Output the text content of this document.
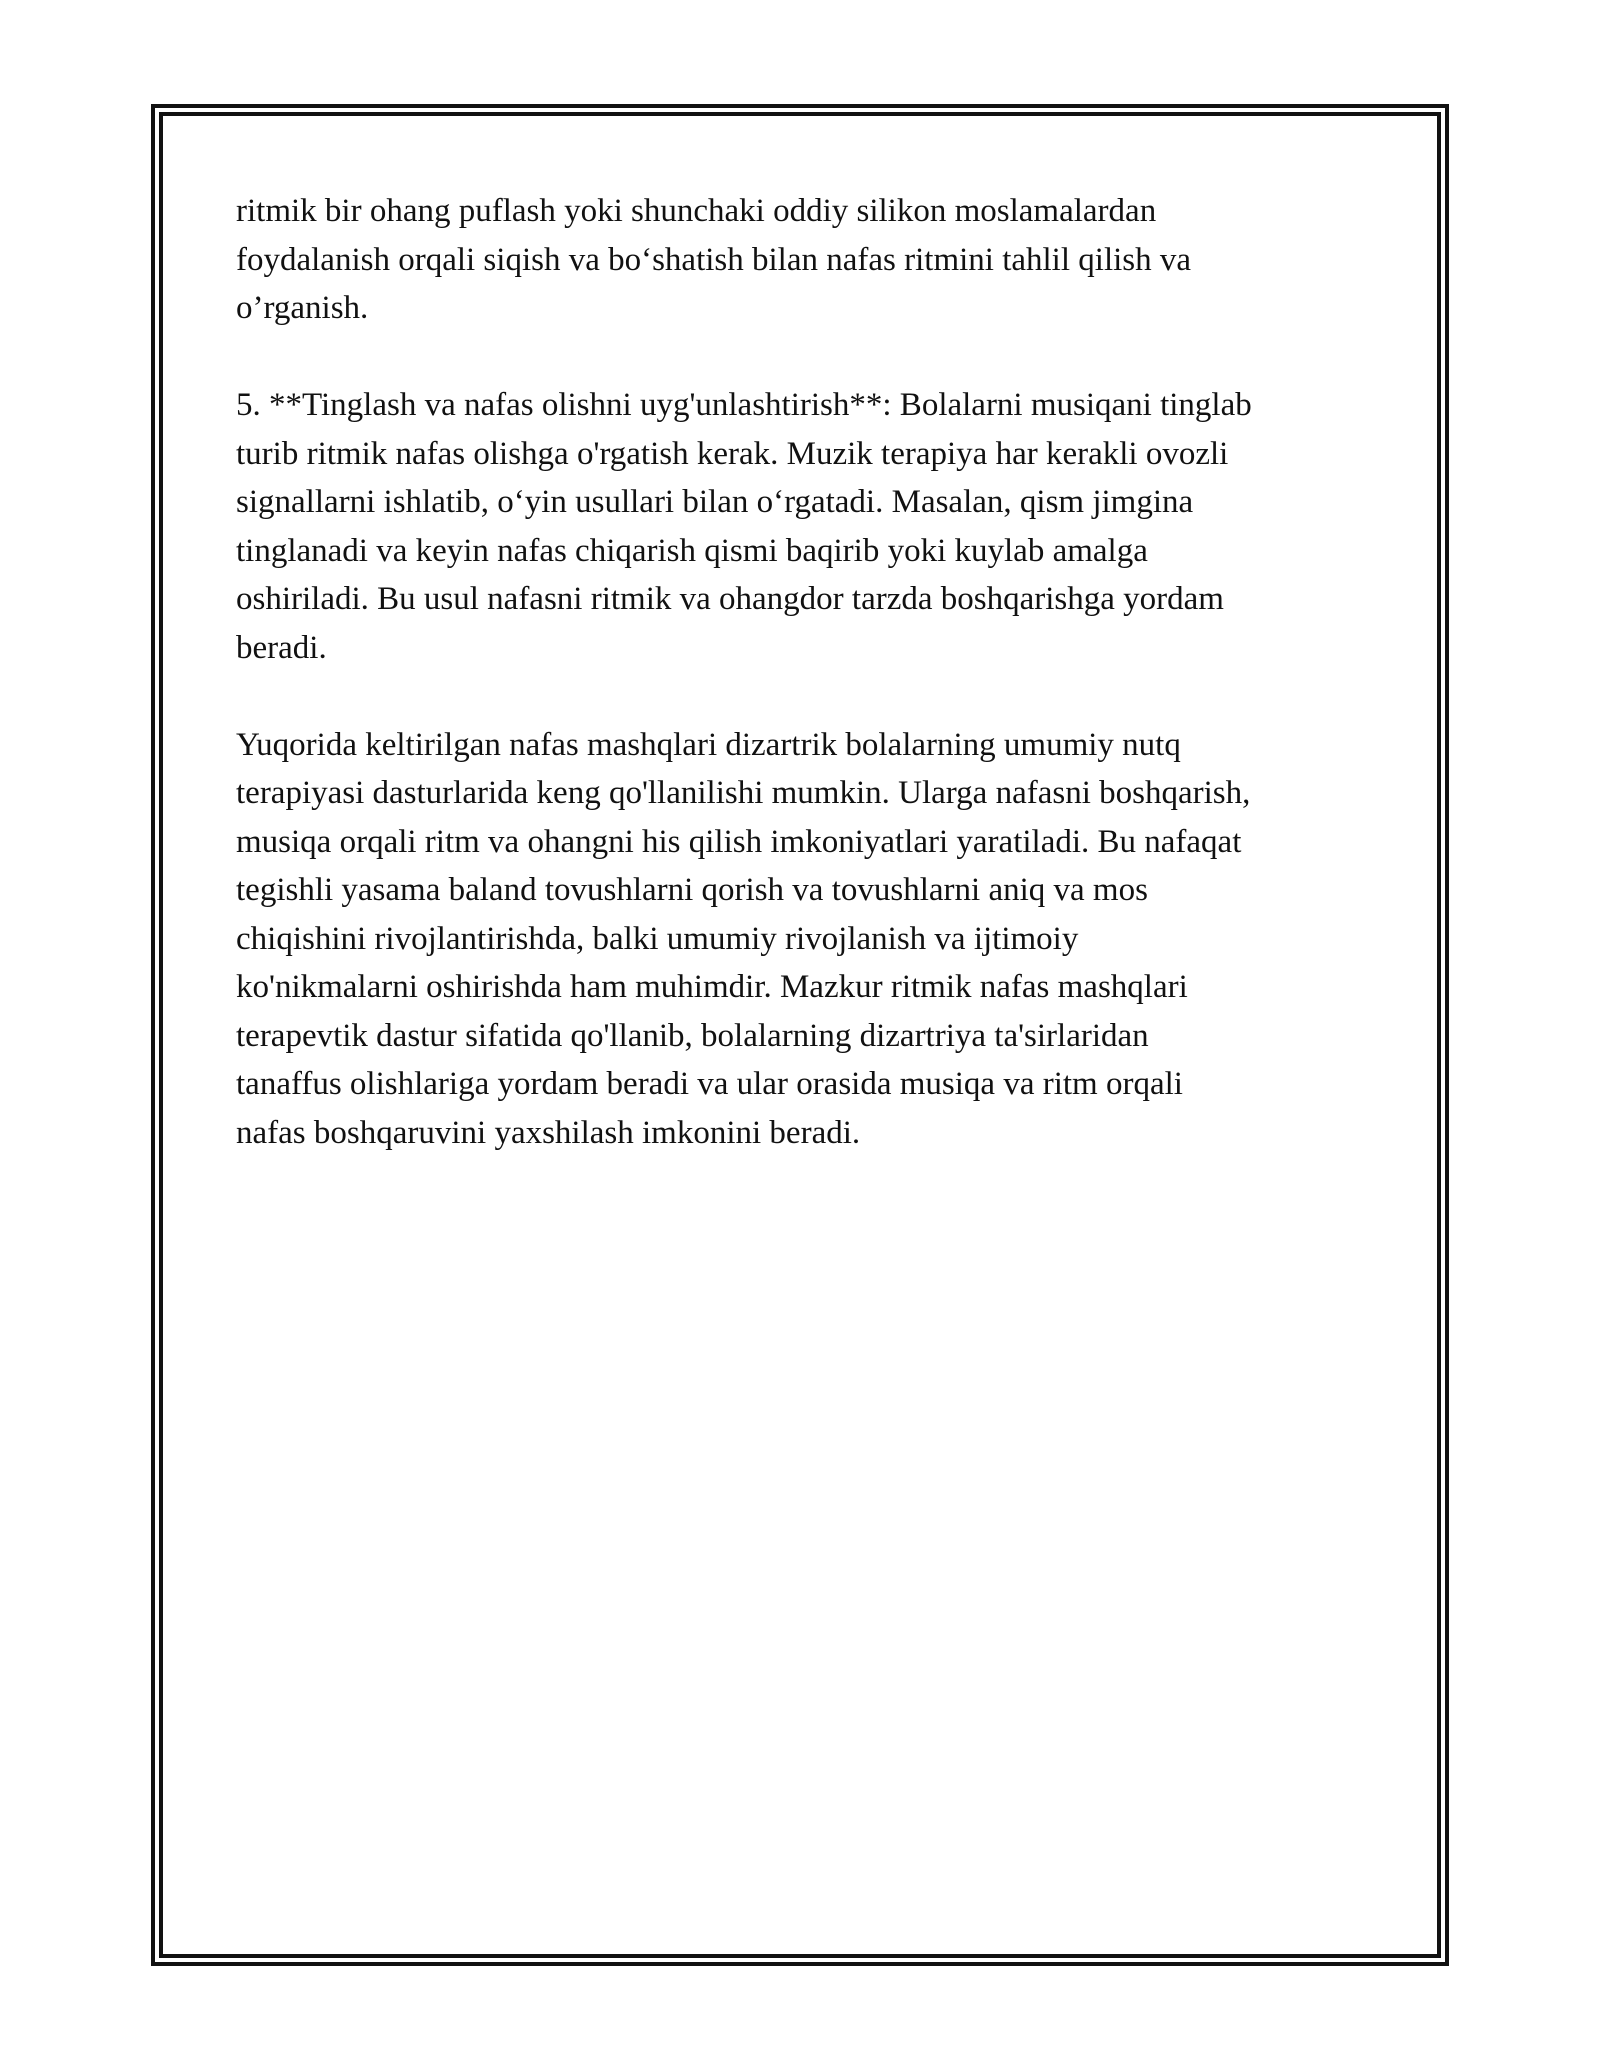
ritmik bir ohang puflash yoki shunchaki oddiy silikon moslamalardan
foydalanish orqali siqish va bo‘shatish bilan nafas ritmini tahlil qilish va
o’rganish.

5. **Tinglash va nafas olishni uyg'unlashtirish**: Bolalarni musiqani tinglab
turib ritmik nafas olishga o'rgatish kerak. Muzik terapiya har kerakli ovozli
signallarni ishlatib, o‘yin usullari bilan o‘rgatadi. Masalan, qism jimgina
tinglanadi va keyin nafas chiqarish qismi baqirib yoki kuylab amalga
oshiriladi. Bu usul nafasni ritmik va ohangdor tarzda boshqarishga yordam
beradi.

Yuqorida keltirilgan nafas mashqlari dizartrik bolalarning umumiy nutq
terapiyasi dasturlarida keng qo'llanilishi mumkin. Ularga nafasni boshqarish,
musiqa orqali ritm va ohangni his qilish imkoniyatlari yaratiladi. Bu nafaqat
tegishli yasama baland tovushlarni qorish va tovushlarni aniq va mos
chiqishini rivojlantirishda, balki umumiy rivojlanish va ijtimoiy
ko'nikmalarni oshirishda ham muhimdir. Mazkur ritmik nafas mashqlari
terapevtik dastur sifatida qo'llanib, bolalarning dizartriya ta'sirlaridan
tanaffus olishlariga yordam beradi va ular orasida musiqa va ritm orqali
nafas boshqaruvini yaxshilash imkonini beradi.
